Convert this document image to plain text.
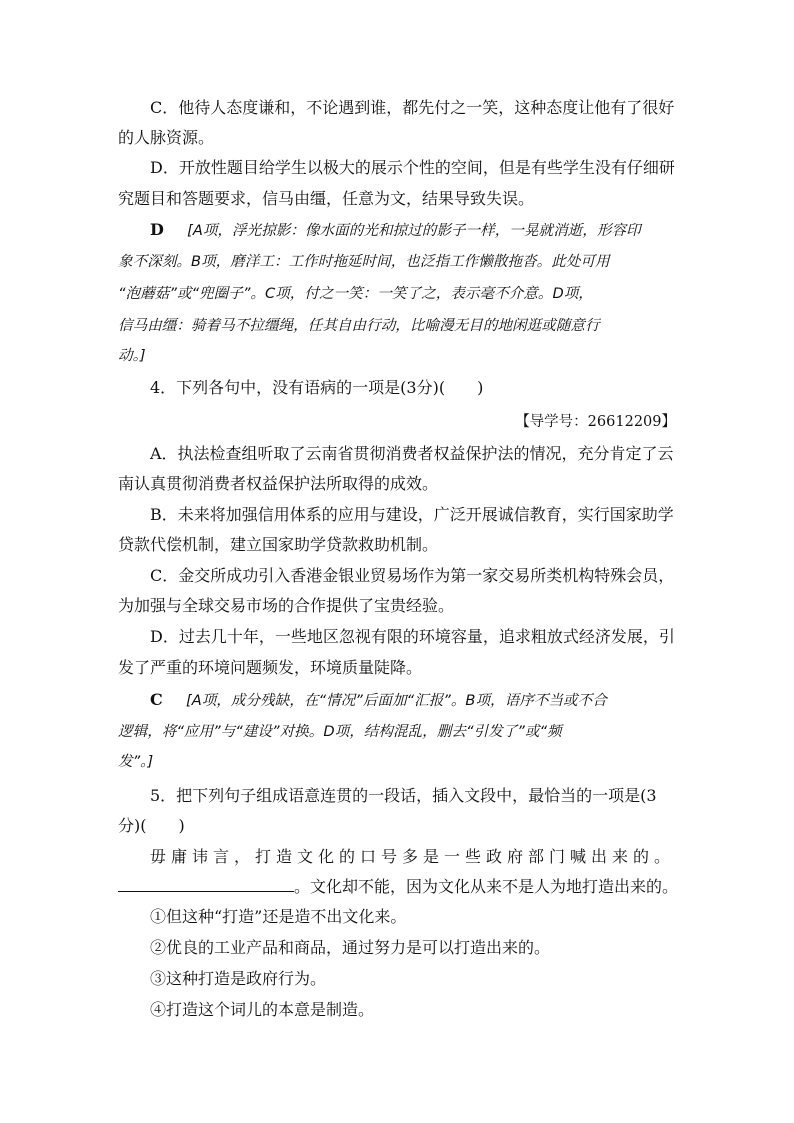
C．他待人态度谦和，不论遇到谁，都先付之一笑，这种态度让他有了很好
的人脉资源。
D．开放性题目给学生以极大的展示个性的空间，但是有些学生没有仔细研
究题目和答题要求，信马由缰，任意为文，结果导致失误。
D [A项，浮光掠影：像水面的光和掠过的影子一样，一晃就消逝，形容印
象不深刻。B项，磨洋工：工作时拖延时间，也泛指工作懒散拖沓。此处可用
“泡蘑菇”或“兜圈子”。C项，付之一笑：一笑了之，表示毫不介意。D项，
信马由缰：骑着马不拉缰绳，任其自由行动，比喻漫无目的地闲逛或随意行
动。]
4．下列各句中，没有语病的一项是(3分)(　　)
【导学号：26612209】
A．执法检查组听取了云南省贯彻消费者权益保护法的情况，充分肯定了云
南认真贯彻消费者权益保护法所取得的成效。
B．未来将加强信用体系的应用与建设，广泛开展诚信教育，实行国家助学
贷款代偿机制，建立国家助学贷款救助机制。
C．金交所成功引入香港金银业贸易场作为第一家交易所类机构特殊会员，
为加强与全球交易市场的合作提供了宝贵经验。
D．过去几十年，一些地区忽视有限的环境容量，追求粗放式经济发展，引
发了严重的环境问题频发，环境质量陡降。
C [A项，成分残缺，在“情况”后面加“汇报”。B项，语序不当或不合
逻辑，将“应用”与“建设”对换。D项，结构混乱，删去“引发了”或“频
发”。]
5．把下列句子组成语意连贯的一段话，插入文段中，最恰当的一项是(3
分)(　　)
毋庸讳言，打造文化的口号多是一些政府部门喊出来的。
。文化却不能，因为文化从来不是人为地打造出来的。
①但这种“打造”还是造不出文化来。
②优良的工业产品和商品，通过努力是可以打造出来的。
③这种打造是政府行为。
④打造这个词儿的本意是制造。
